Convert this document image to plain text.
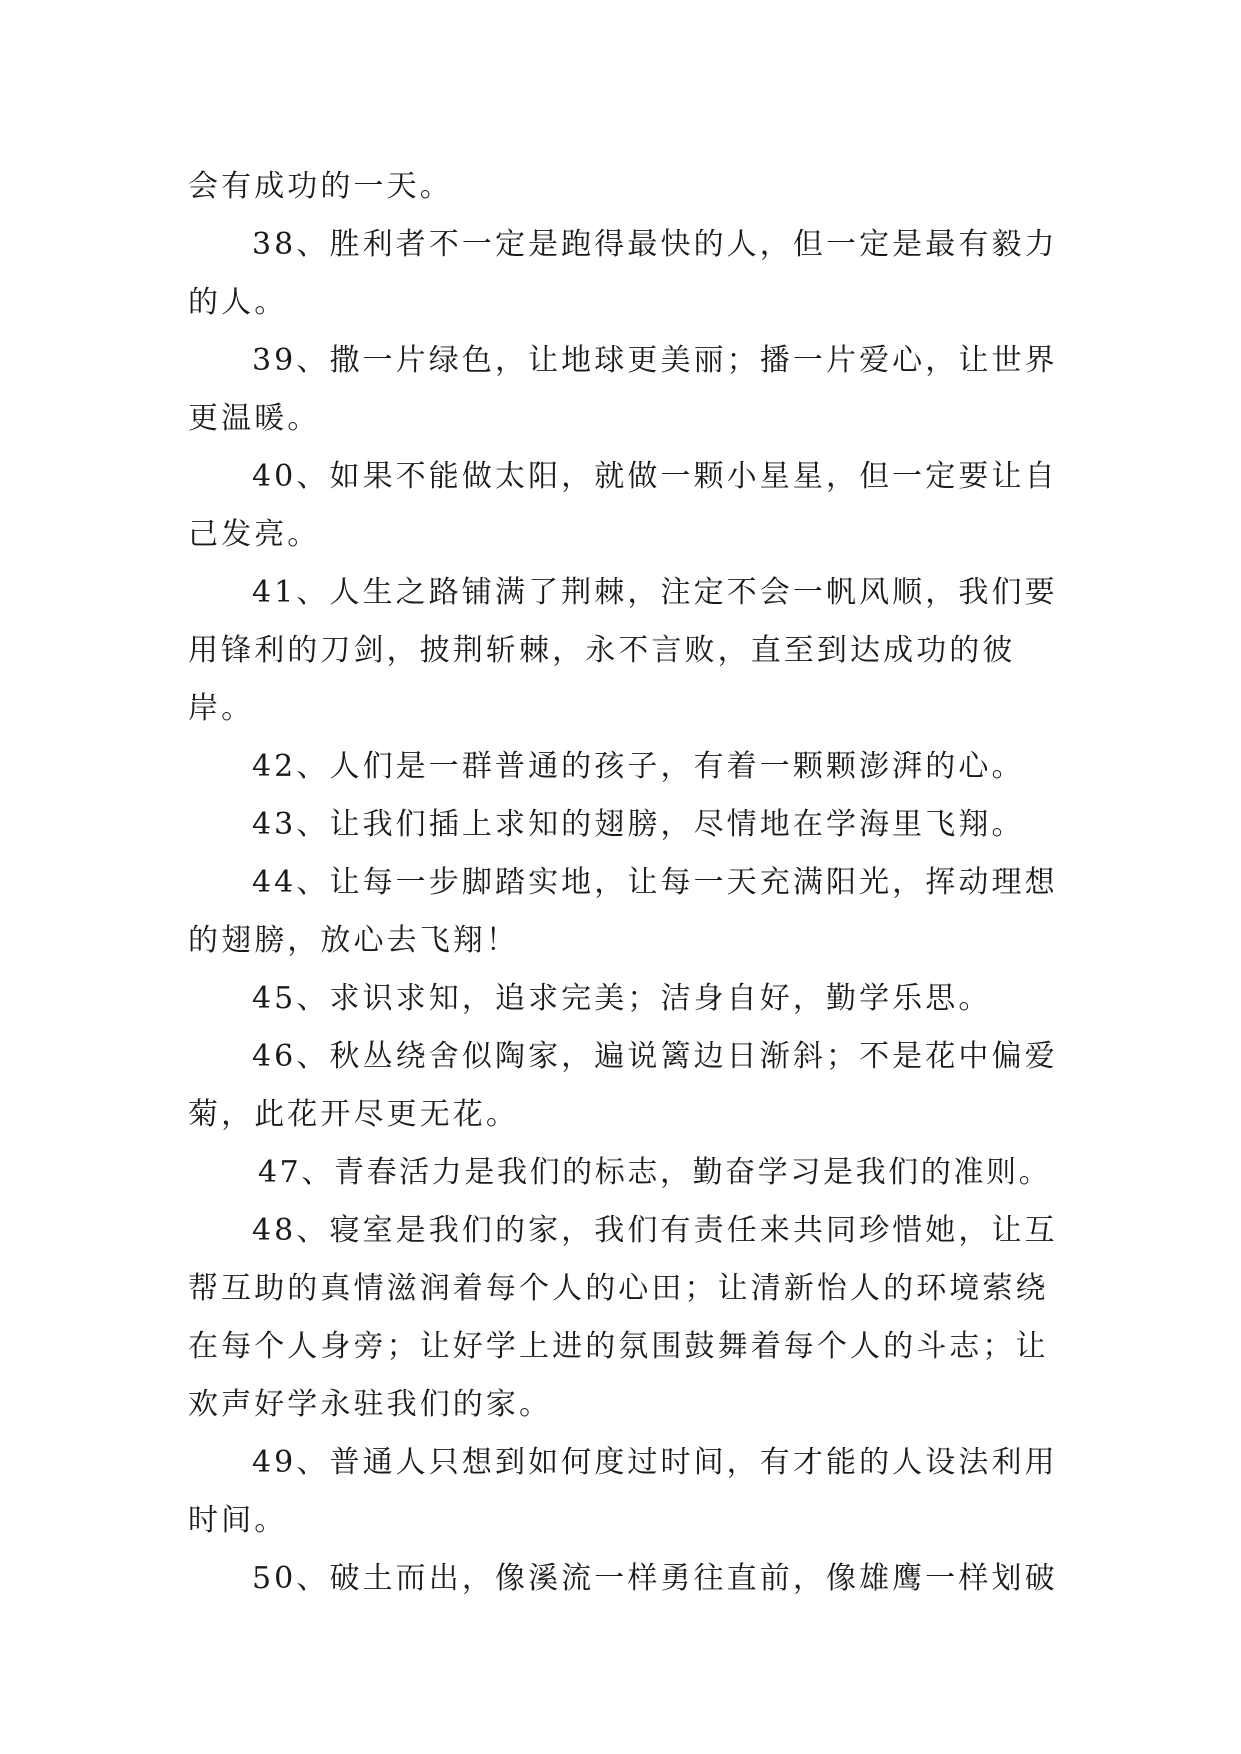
会有成功的一天。

38、胜利者不一定是跑得最快的人，但一定是最有毅力的人。

39、撒一片绿色，让地球更美丽；播一片爱心，让世界更温暖。

40、如果不能做太阳，就做一颗小星星，但一定要让自己发亮。

41、人生之路铺满了荆棘，注定不会一帆风顺，我们要用锋利的刀剑，披荆斩棘，永不言败，直至到达成功的彼岸。

42、人们是一群普通的孩子，有着一颗颗澎湃的心。

43、让我们插上求知的翅膀，尽情地在学海里飞翔。

44、让每一步脚踏实地，让每一天充满阳光，挥动理想的翅膀，放心去飞翔！

45、求识求知，追求完美；洁身自好，勤学乐思。

46、秋丛绕舍似陶家，遍说篱边日渐斜；不是花中偏爱菊，此花开尽更无花。

47、青春活力是我们的标志，勤奋学习是我们的准则。

48、寝室是我们的家，我们有责任来共同珍惜她，让互帮互助的真情滋润着每个人的心田；让清新怡人的环境萦绕在每个人身旁；让好学上进的氛围鼓舞着每个人的斗志；让欢声好学永驻我们的家。

49、普通人只想到如何度过时间，有才能的人设法利用时间。

50、破土而出，像溪流一样勇往直前，像雄鹰一样划破
